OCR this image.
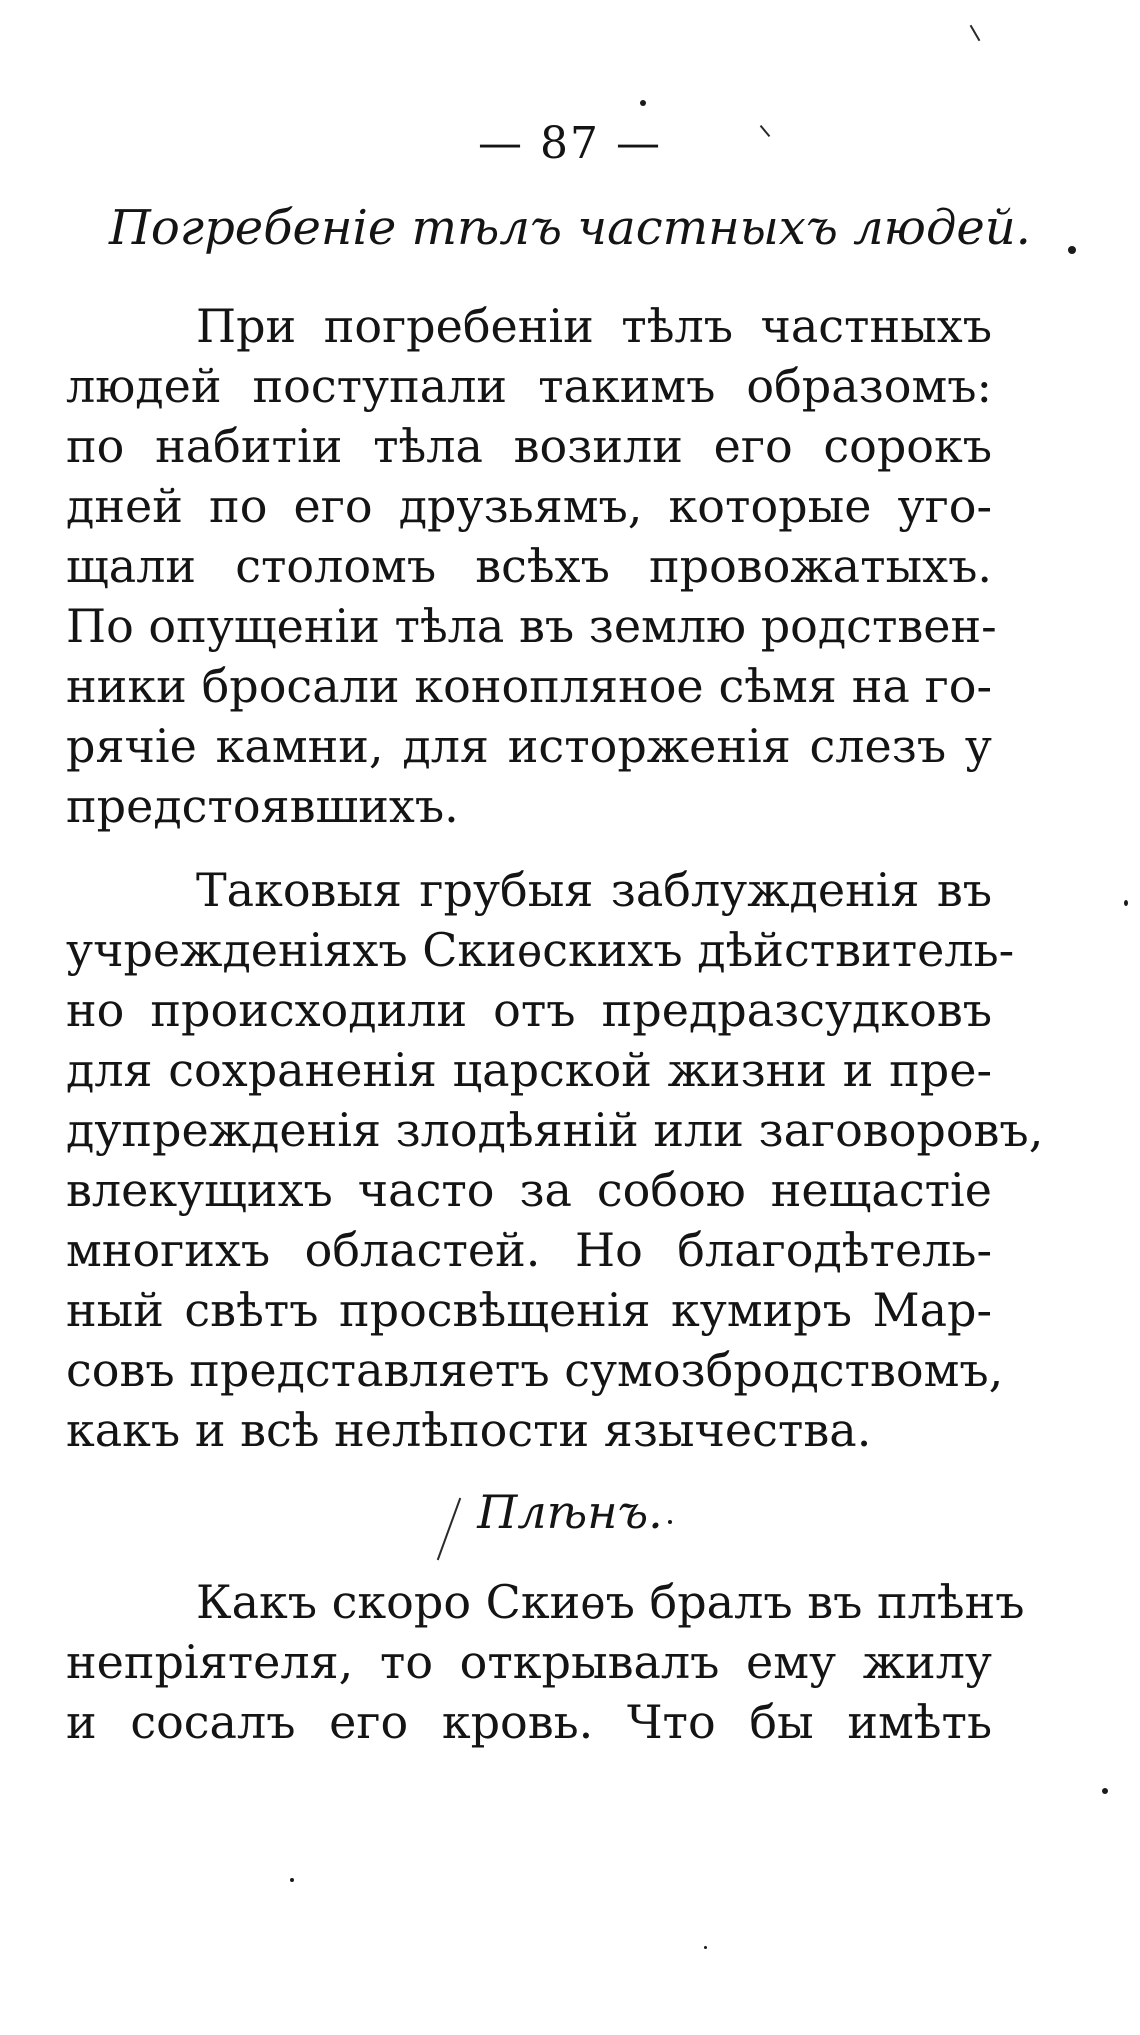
— 87 —
Погребеніе тѣлъ частныхъ людей.
При погребеніи тѣлъ частныхъ
людей поступали такимъ образомъ:
по набитіи тѣла возили его сорокъ
дней по его друзьямъ, которые уго-
щали столомъ всѣхъ провожатыхъ.
По опущеніи тѣла въ землю родствен-
ники бросали конопляное сѣмя на го-
рячіе камни, для исторженія слезъ у
предстоявшихъ.
Таковыя грубыя заблужденія въ
учрежденіяхъ Скиѳскихъ дѣйствитель-
но происходили отъ предразсудковъ
для сохраненія царской жизни и пре-
дупрежденія злодѣяній или заговоровъ,
влекущихъ часто за собою нещастіе
многихъ областей. Но благодѣтель-
ный свѣтъ просвѣщенія кумиръ Мар-
совъ представляетъ сумозбродствомъ,
какъ и всѣ нелѣпости язычества.
Плѣнъ.
Какъ скоро Скиѳъ бралъ въ плѣнъ
непріятеля, то открывалъ ему жилу
и сосалъ его кровь. Что бы имѣть
